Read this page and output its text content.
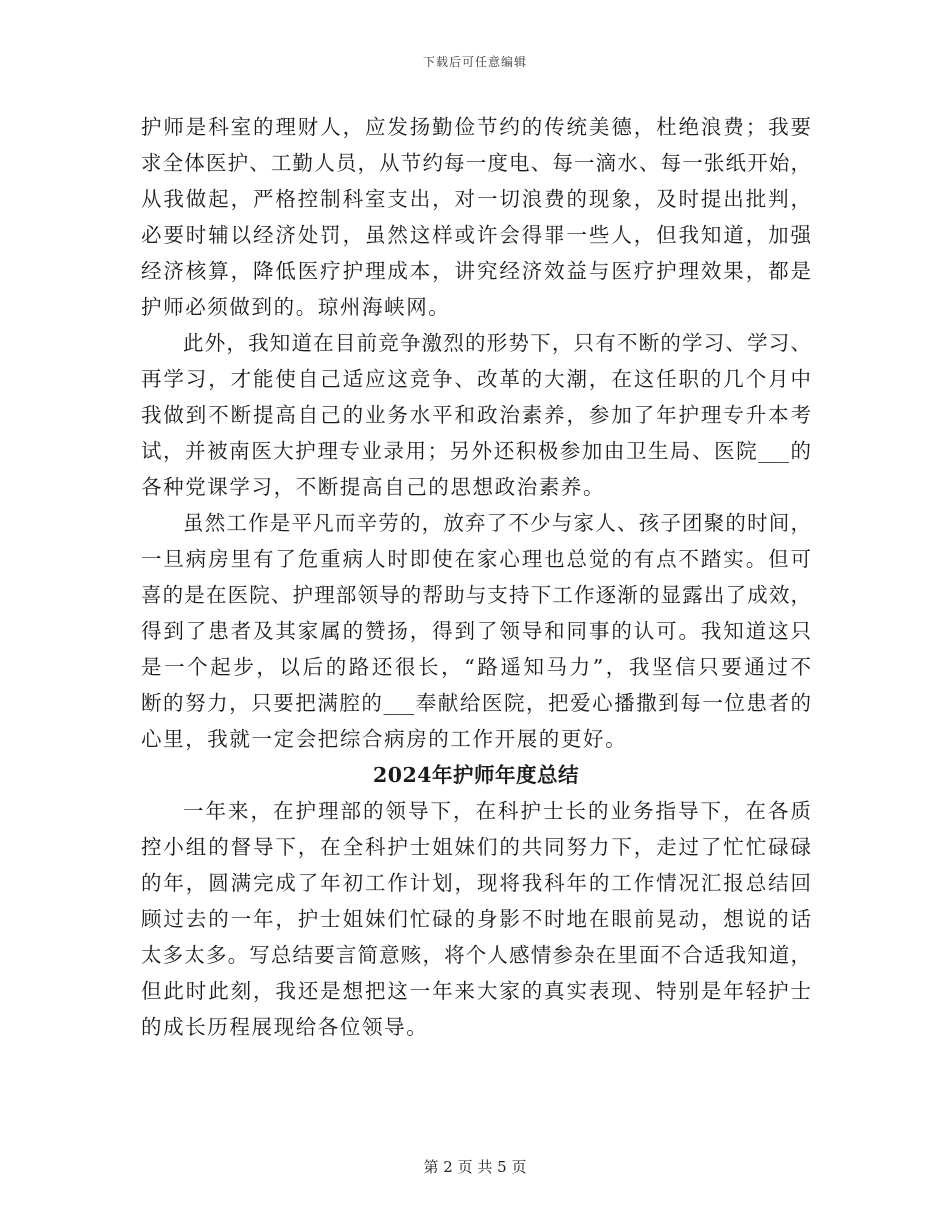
下载后可任意编辑
护师是科室的理财人，应发扬勤俭节约的传统美德，杜绝浪费；我要
求全体医护、工勤人员，从节约每一度电、每一滴水、每一张纸开始，
从我做起，严格控制科室支出，对一切浪费的现象，及时提出批判，
必要时辅以经济处罚，虽然这样或许会得罪一些人，但我知道，加强
经济核算，降低医疗护理成本，讲究经济效益与医疗护理效果，都是
护师必须做到的。琼州海峡网。
此外，我知道在目前竞争激烈的形势下，只有不断的学习、学习、
再学习，才能使自己适应这竞争、改革的大潮，在这任职的几个月中
我做到不断提高自己的业务水平和政治素养，参加了年护理专升本考
试，并被南医大护理专业录用；另外还积极参加由卫生局、医院___的
各种党课学习，不断提高自己的思想政治素养。
虽然工作是平凡而辛劳的，放弃了不少与家人、孩子团聚的时间，
一旦病房里有了危重病人时即使在家心理也总觉的有点不踏实。但可
喜的是在医院、护理部领导的帮助与支持下工作逐渐的显露出了成效，
得到了患者及其家属的赞扬，得到了领导和同事的认可。我知道这只
是一个起步，以后的路还很长，“路遥知马力”，我坚信只要通过不
断的努力，只要把满腔的___奉献给医院，把爱心播撒到每一位患者的
心里，我就一定会把综合病房的工作开展的更好。
2024年护师年度总结
一年来，在护理部的领导下，在科护士长的业务指导下，在各质
控小组的督导下，在全科护士姐妹们的共同努力下，走过了忙忙碌碌
的年，圆满完成了年初工作计划，现将我科年的工作情况汇报总结回
顾过去的一年，护士姐妹们忙碌的身影不时地在眼前晃动，想说的话
太多太多。写总结要言简意赅，将个人感情参杂在里面不合适我知道，
但此时此刻，我还是想把这一年来大家的真实表现、特别是年轻护士
的成长历程展现给各位领导。
第 2 页 共 5 页
